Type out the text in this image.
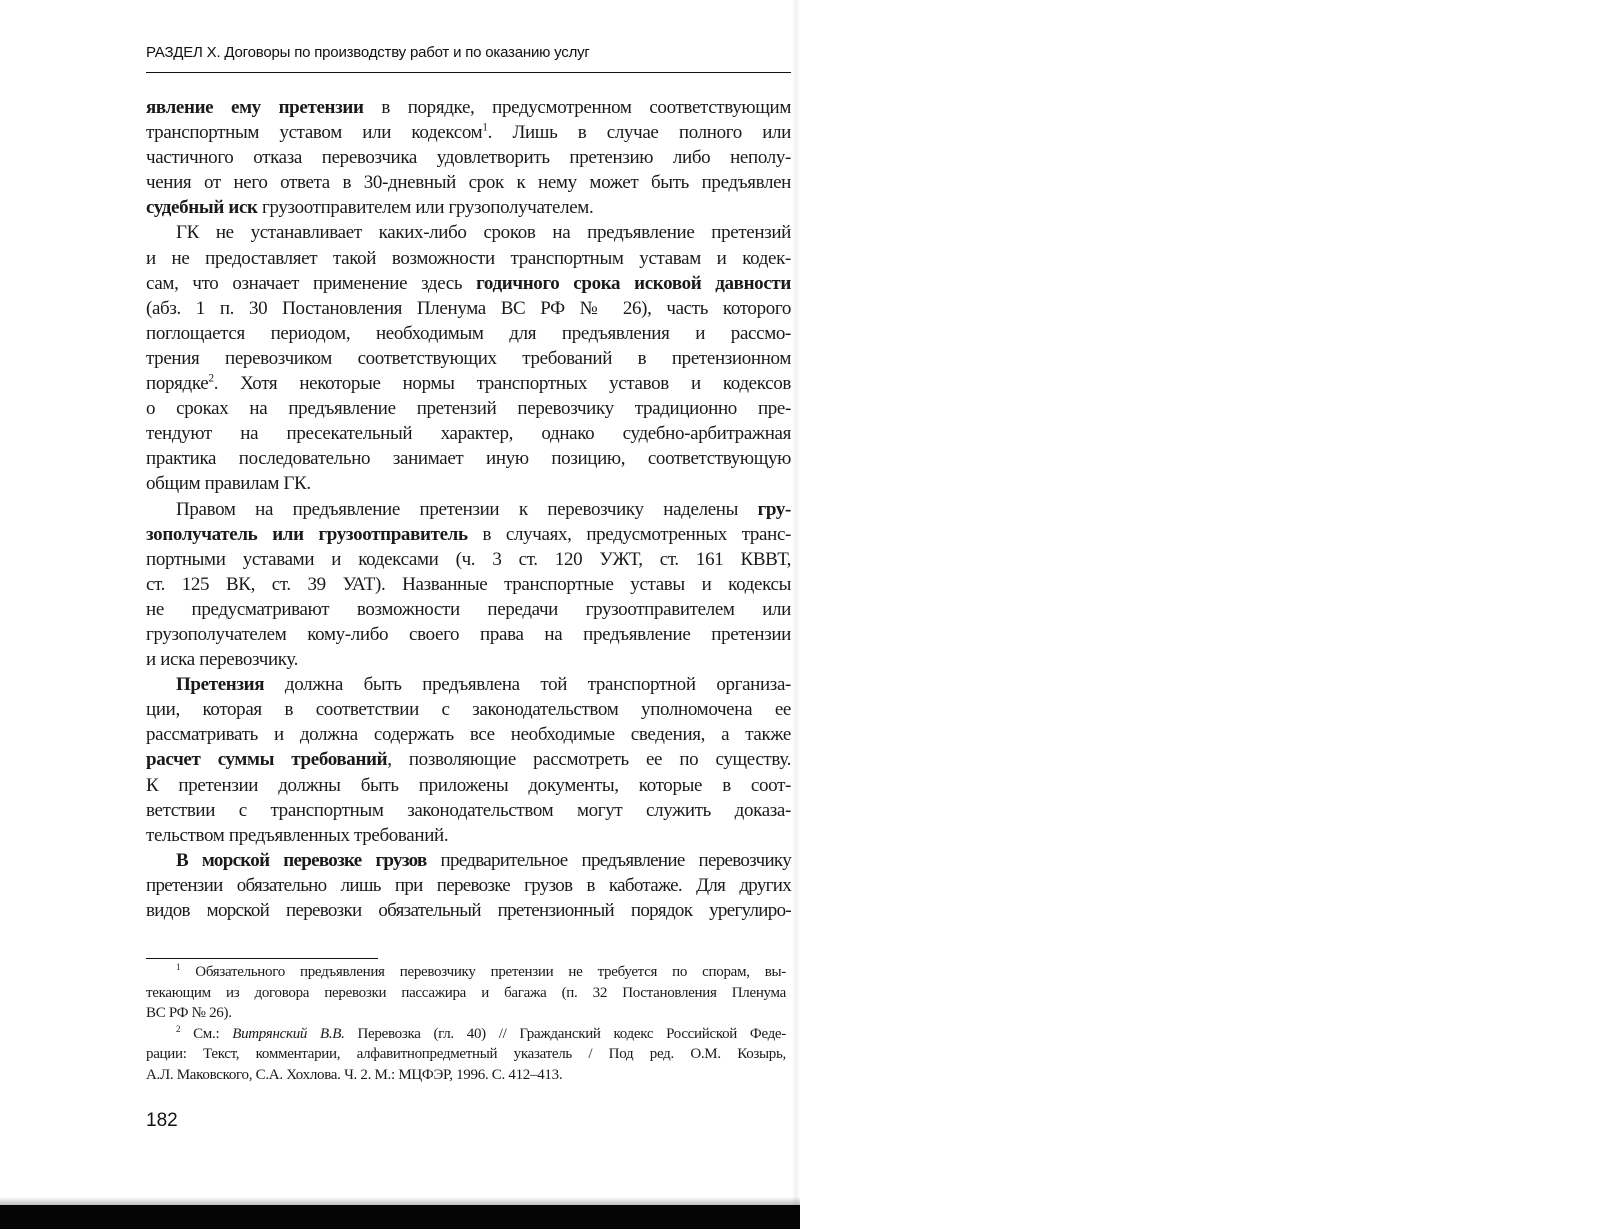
РАЗДЕЛ X. Договоры по производству работ и по оказанию услуг
явление ему претензии в порядке, предусмотренном соответствующим
транспортным уставом или кодексом$^1$. Лишь в случае полного или
частичного отказа перевозчика удовлетворить претензию либо неполу-
чения от него ответа в 30-дневный срок к нему может быть предъявлен
судебный иск грузоотправителем или грузополучателем.
ГК не устанавливает каких-либо сроков на предъявление претензий
и не предоставляет такой возможности транспортным уставам и кодек-
сам, что означает применение здесь годичного срока исковой давности
(абз. 1 п. 30 Постановления Пленума ВС РФ № 26), часть которого
поглощается периодом, необходимым для предъявления и рассмо-
трения перевозчиком соответствующих требований в претензионном
порядке$^2$. Хотя некоторые нормы транспортных уставов и кодексов
о сроках на предъявление претензий перевозчику традиционно пре-
тендуют на пресекательный характер, однако судебно-арбитражная
практика последовательно занимает иную позицию, соответствующую
общим правилам ГК.
Правом на предъявление претензии к перевозчику наделены гру-
зополучатель или грузоотправитель в случаях, предусмотренных транс-
портными уставами и кодексами (ч. 3 ст. 120 УЖТ, ст. 161 КВВТ,
ст. 125 ВК, ст. 39 УАТ). Названные транспортные уставы и кодексы
не предусматривают возможности передачи грузоотправителем или
грузополучателем кому-либо своего права на предъявление претензии
и иска перевозчику.
Претензия должна быть предъявлена той транспортной организа-
ции, которая в соответствии с законодательством уполномочена ее
рассматривать и должна содержать все необходимые сведения, а также
расчет суммы требований, позволяющие рассмотреть ее по существу.
К претензии должны быть приложены документы, которые в соот-
ветствии с транспортным законодательством могут служить доказа-
тельством предъявленных требований.
В морской перевозке грузов предварительное предъявление перевозчику
претензии обязательно лишь при перевозке грузов в каботаже. Для других
видов морской перевозки обязательный претензионный порядок урегулиро-
$^1$ Обязательного предъявления перевозчику претензии не требуется по спорам, вы-
текающим из договора перевозки пассажира и багажа (п. 32 Постановления Пленума
ВС РФ № 26).
$^2$ См.: Витрянский В.В. Перевозка (гл. 40) // Гражданский кодекс Российской Феде-
рации: Текст, комментарии, алфавитнопредметный указатель / Под ред. О.М. Козырь,
А.Л. Маковского, С.А. Хохлова. Ч. 2. М.: МЦФЭР, 1996. С. 412–413.
182
